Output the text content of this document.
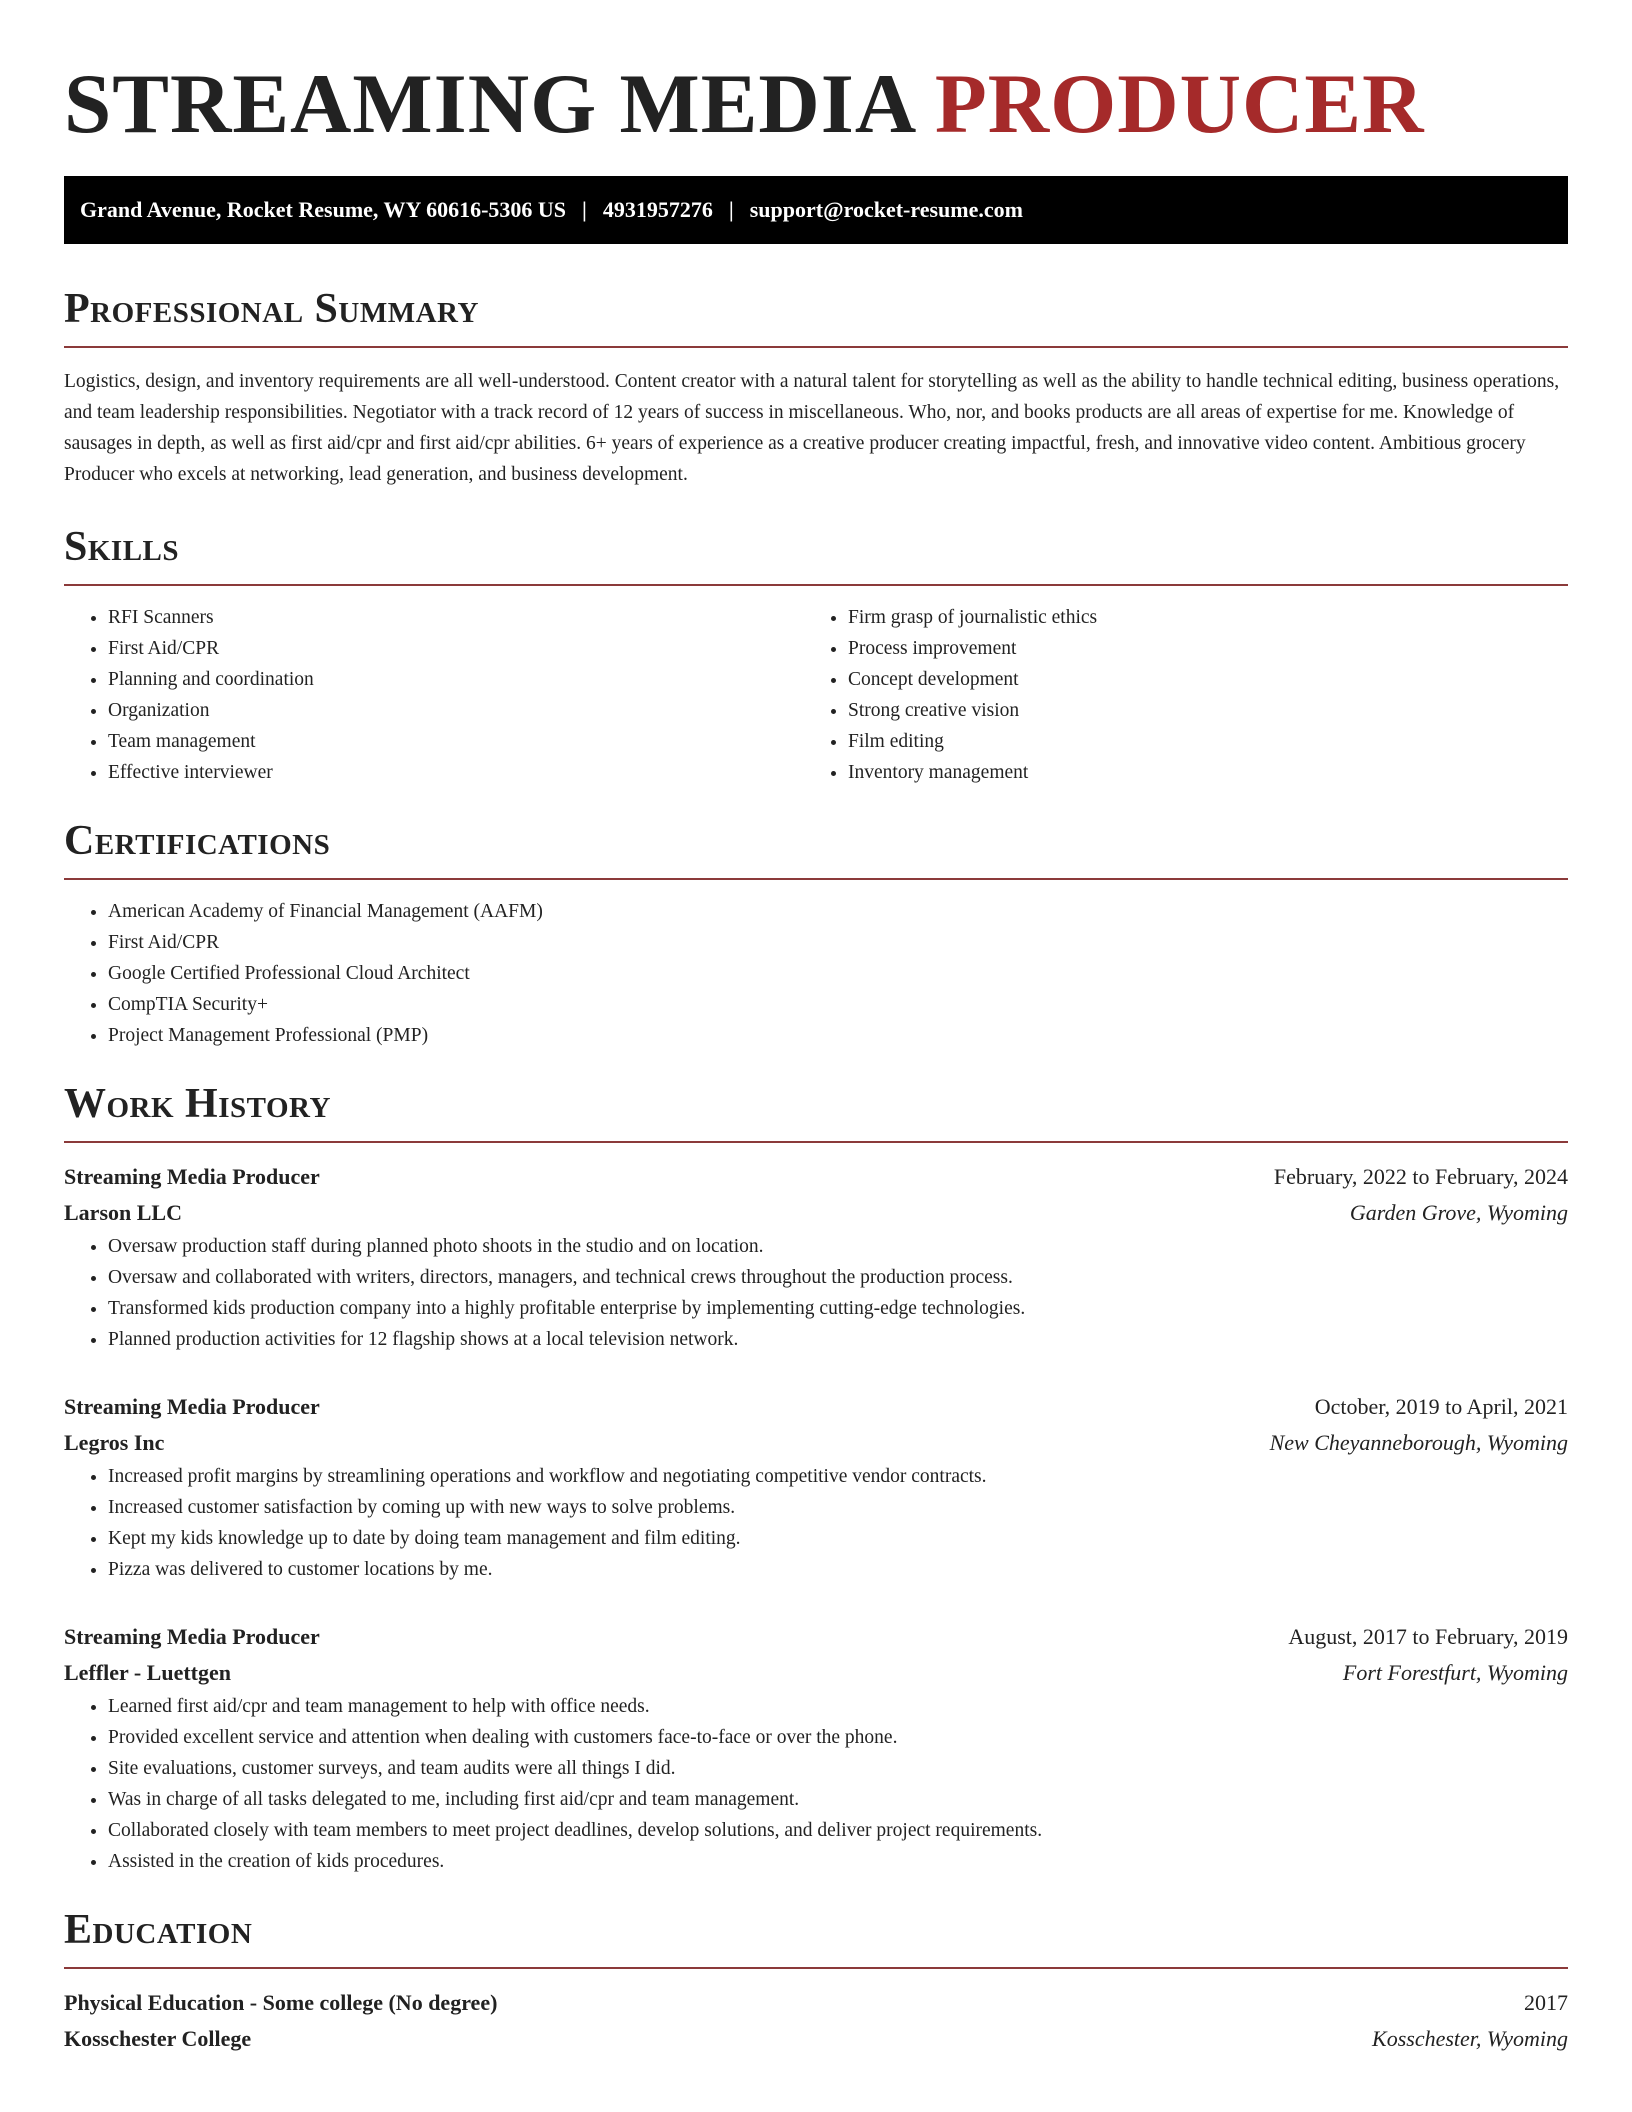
STREAMING MEDIA PRODUCER
Grand Avenue, Rocket Resume, WY 60616-5306 US | 4931957276 | support@rocket-resume.com
Professional Summary

Logistics, design, and inventory requirements are all well-understood. Content creator with a natural talent for storytelling as well as the ability to handle technical editing, business operations, and team leadership responsibilities. Negotiator with a track record of 12 years of success in miscellaneous. Who, nor, and books products are all areas of expertise for me. Knowledge of sausages in depth, as well as first aid/cpr and first aid/cpr abilities. 6+ years of experience as a creative producer creating impactful, fresh, and innovative video content. Ambitious grocery Producer who excels at networking, lead generation, and business development.

Skills
• RFI Scanners
• First Aid/CPR
• Planning and coordination
• Organization
• Team management
• Effective interviewer
• Firm grasp of journalistic ethics
• Process improvement
• Concept development
• Strong creative vision
• Film editing
• Inventory management
Certifications
• American Academy of Financial Management (AAFM)
• First Aid/CPR
• Google Certified Professional Cloud Architect
• CompTIA Security+
• Project Management Professional (PMP)
Work History
Streaming Media Producer	February, 2022 to February, 2024
Larson LLC	Garden Grove, Wyoming
• Oversaw production staff during planned photo shoots in the studio and on location.
• Oversaw and collaborated with writers, directors, managers, and technical crews throughout the production process.
• Transformed kids production company into a highly profitable enterprise by implementing cutting-edge technologies.
• Planned production activities for 12 flagship shows at a local television network.
Streaming Media Producer	October, 2019 to April, 2021
Legros Inc	New Cheyanneborough, Wyoming
• Increased profit margins by streamlining operations and workflow and negotiating competitive vendor contracts.
• Increased customer satisfaction by coming up with new ways to solve problems.
• Kept my kids knowledge up to date by doing team management and film editing.
• Pizza was delivered to customer locations by me.
Streaming Media Producer	August, 2017 to February, 2019
Leffler - Luettgen	Fort Forestfurt, Wyoming
• Learned first aid/cpr and team management to help with office needs.
• Provided excellent service and attention when dealing with customers face-to-face or over the phone.
• Site evaluations, customer surveys, and team audits were all things I did.
• Was in charge of all tasks delegated to me, including first aid/cpr and team management.
• Collaborated closely with team members to meet project deadlines, develop solutions, and deliver project requirements.
• Assisted in the creation of kids procedures.
Education
Physical Education - Some college (No degree)	2017
Kosschester College	Kosschester, Wyoming
